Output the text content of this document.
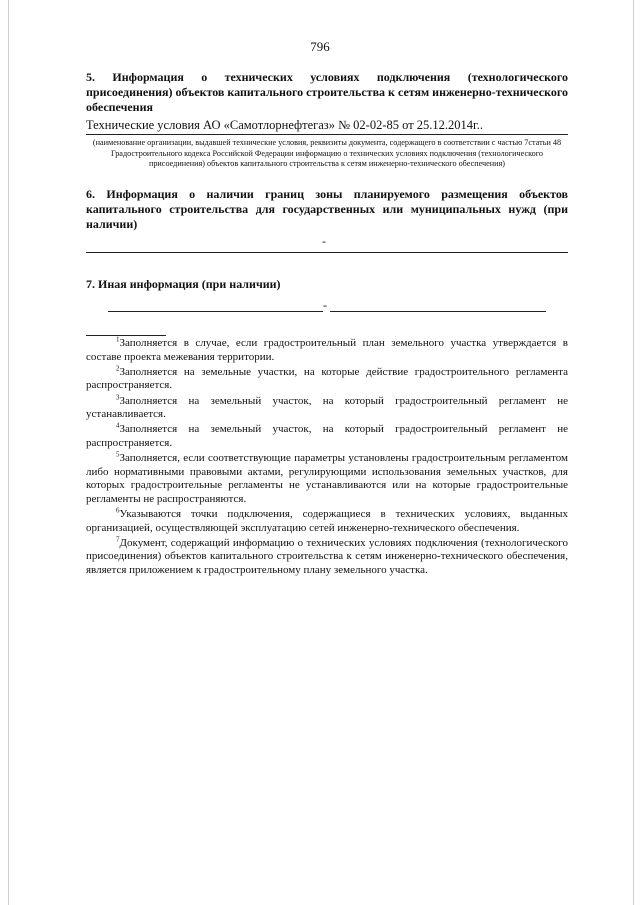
796
5. Информация о технических условиях подключения (технологического присоединения) объектов капитального строительства к сетям инженерно-технического обеспечения
Технические условия АО «Самотлорнефтегаз» № 02-02-85 от 25.12.2014г..
(наименование организации, выдавшей технические условия, реквизиты документа, содержащего в соответствии с частью 7статьи 48 Градостроительного кодекса Российской Федерации информацию о технических условиях подключения (технологического присоединения) объектов капитального строительства к сетям инженерно-технического обеспечения)
6. Информация о наличии границ зоны планируемого размещения объектов капитального строительства для государственных или муниципальных нужд (при наличии)
-
7. Иная информация (при наличии)
-
$^1$Заполняется в случае, если градостроительный план земельного участка утверждается в составе проекта межевания территории.
$^2$Заполняется на земельные участки, на которые действие градостроительного регламента распространяется.
$^3$Заполняется на земельный участок, на который градостроительный регламент не устанавливается.
$^4$Заполняется на земельный участок, на который градостроительный регламент не распространяется.
$^5$Заполняется, если соответствующие параметры установлены градостроительным регламентом либо нормативными правовыми актами, регулирующими использования земельных участков, для которых градостроительные регламенты не устанавливаются или на которые градостроительные регламенты не распространяются.
$^6$Указываются точки подключения, содержащиеся в технических условиях, выданных организацией, осуществляющей эксплуатацию сетей инженерно-технического обеспечения.
$^7$Документ, содержащий информацию о технических условиях подключения (технологического присоединения) объектов капитального строительства к сетям инженерно-технического обеспечения, является приложением к градостроительному плану земельного участка.
